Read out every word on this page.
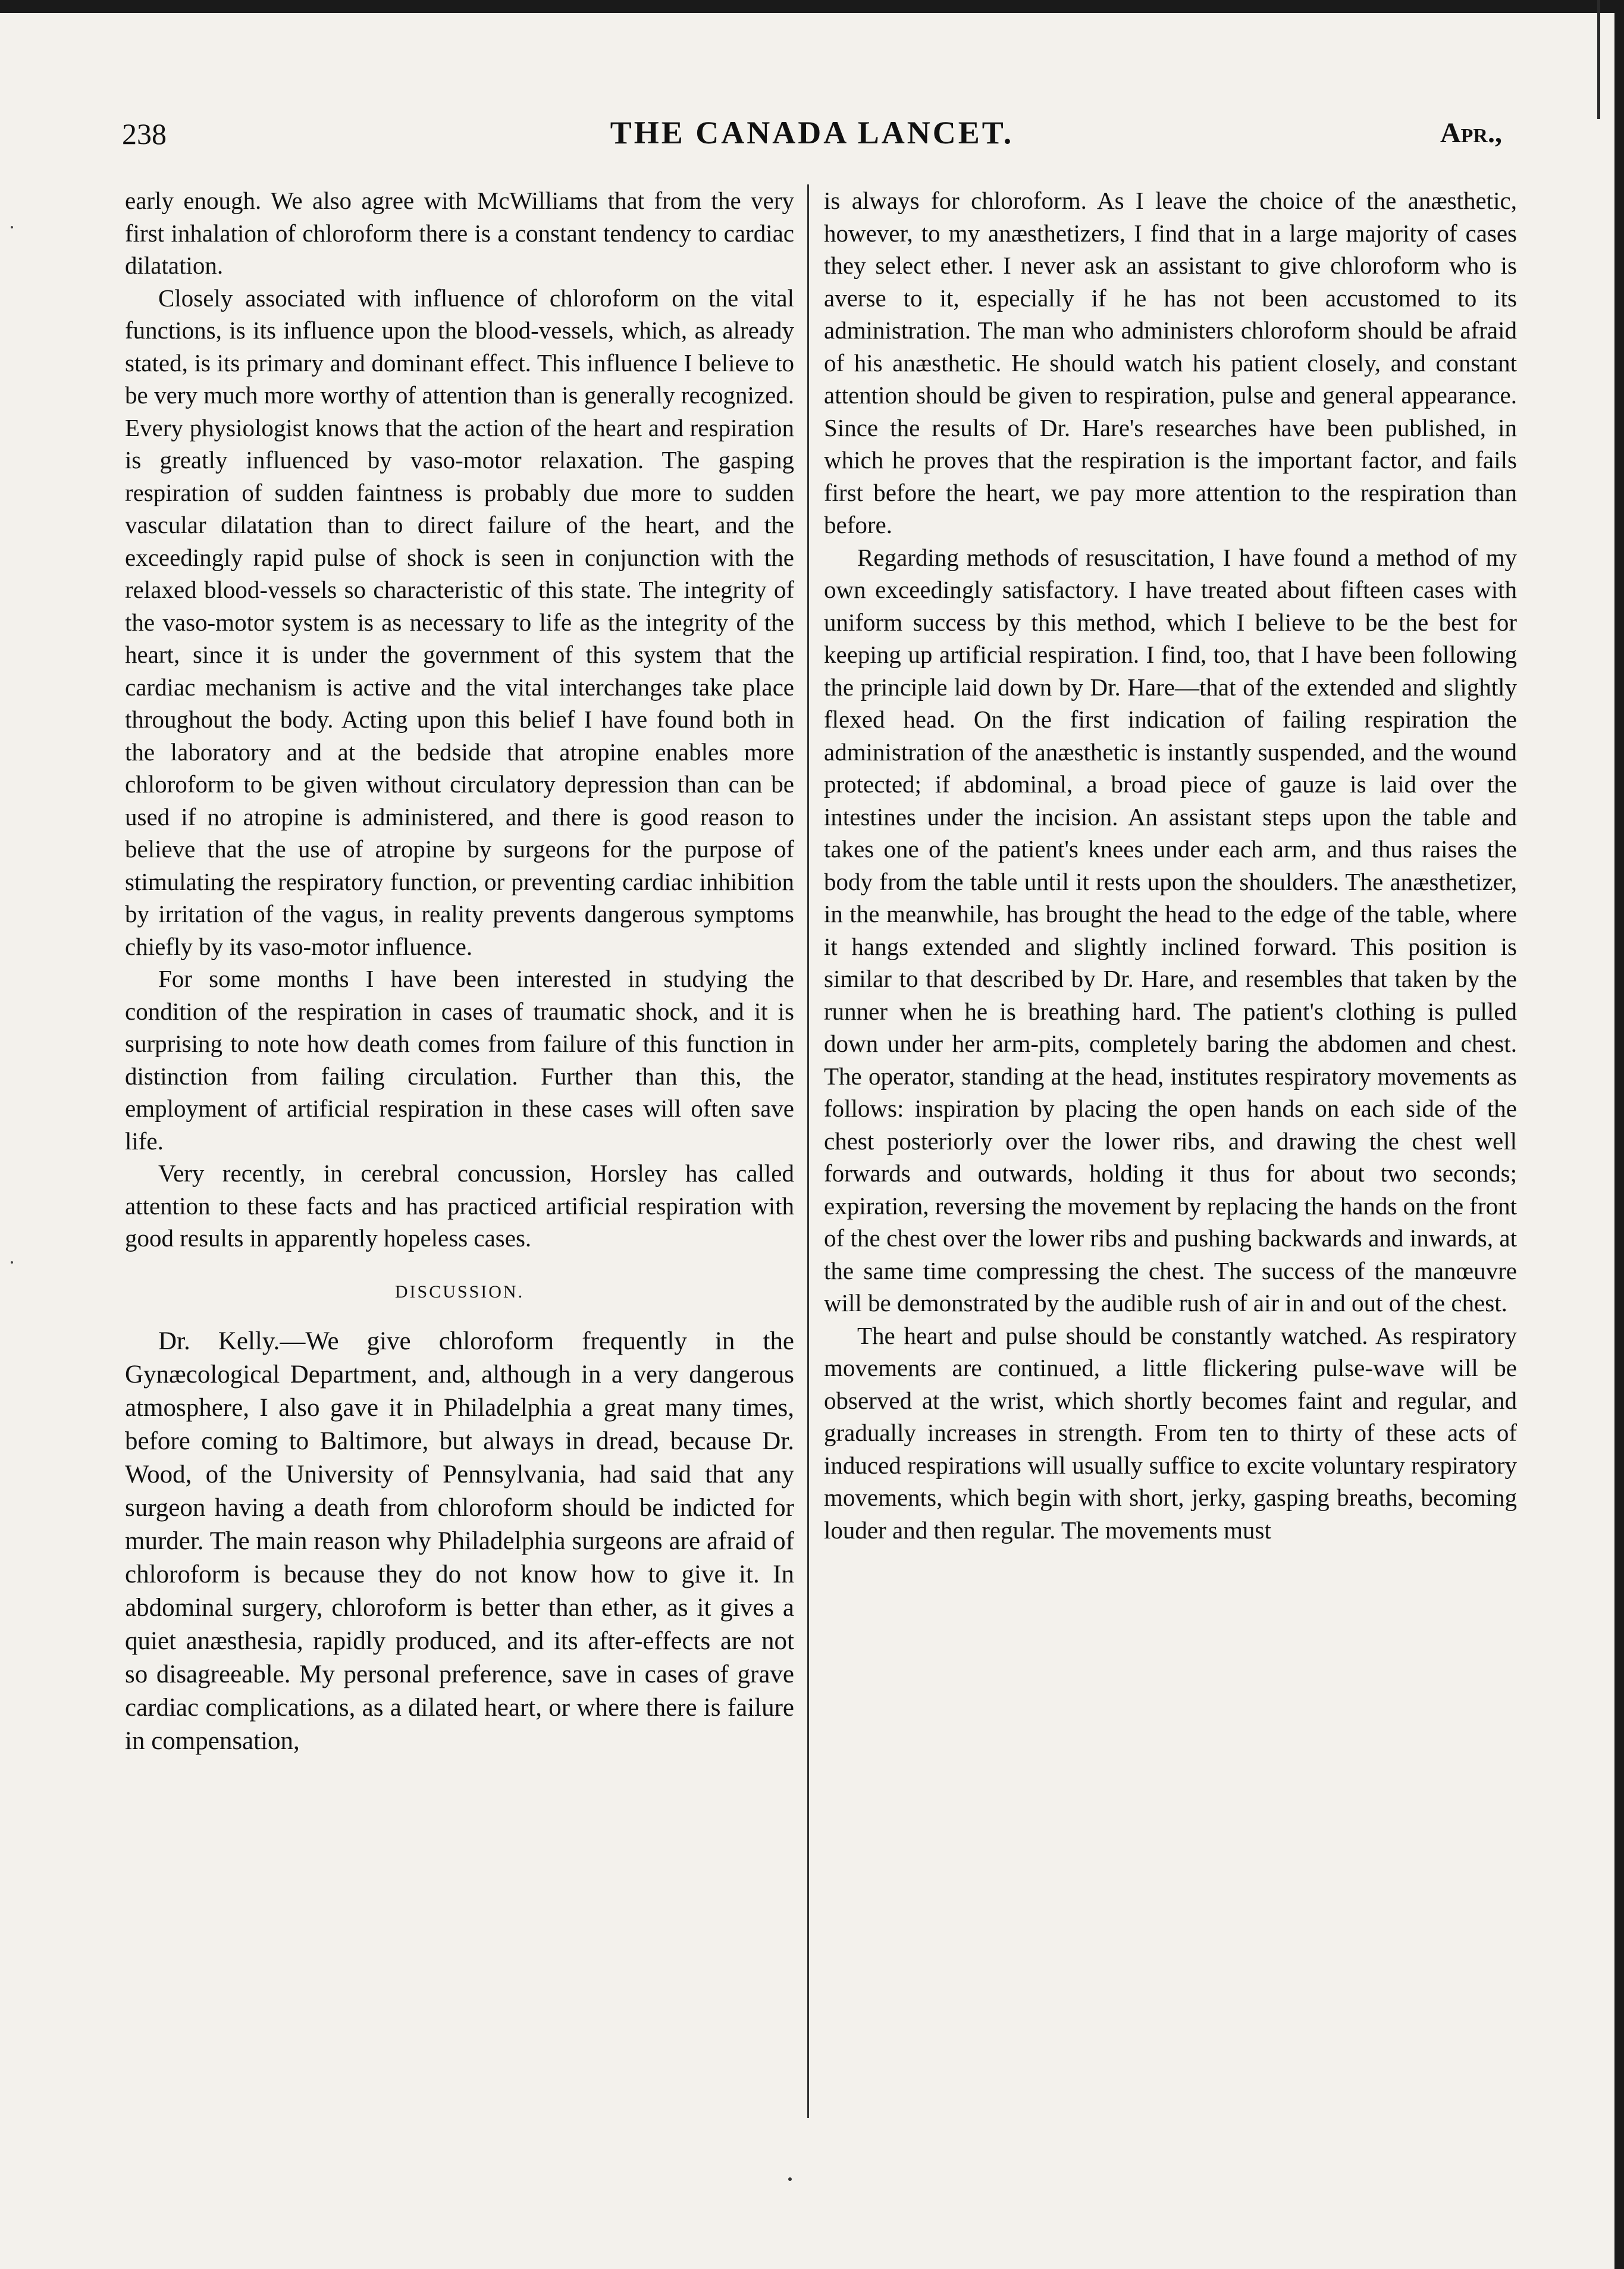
238	THE CANADA LANCET.	Apr.,

early enough. We also agree with McWilliams that from the very first inhalation of chloroform there is a constant tendency to cardiac dilatation.

Closely associated with influence of chloroform on the vital functions, is its influence upon the blood-vessels, which, as already stated, is its primary and dominant effect. This influence I believe to be very much more worthy of attention than is generally recognized. Every physiologist knows that the action of the heart and respiration is greatly influenced by vaso-motor relaxation. The gasping respiration of sudden faintness is probably due more to sudden vascular dilatation than to direct failure of the heart, and the exceedingly rapid pulse of shock is seen in conjunction with the relaxed blood-vessels so characteristic of this state. The integrity of the vaso-motor system is as necessary to life as the integrity of the heart, since it is under the government of this system that the cardiac mechanism is active and the vital interchanges take place throughout the body. Acting upon this belief I have found both in the laboratory and at the bedside that atropine enables more chloroform to be given without circulatory depression than can be used if no atropine is administered, and there is good reason to believe that the use of atropine by surgeons for the purpose of stimulating the respiratory function, or preventing cardiac inhibition by irritation of the vagus, in reality prevents dangerous symptoms chiefly by its vaso-motor influence.

For some months I have been interested in studying the condition of the respiration in cases of traumatic shock, and it is surprising to note how death comes from failure of this function in distinction from failing circulation. Further than this, the employment of artificial respiration in these cases will often save life.

Very recently, in cerebral concussion, Horsley has called attention to these facts and has practiced artificial respiration with good results in apparently hopeless cases.

DISCUSSION.

Dr. Kelly.—We give chloroform frequently in the Gynæcological Department, and, although in a very dangerous atmosphere, I also gave it in Philadelphia a great many times, before coming to Baltimore, but always in dread, because Dr. Wood, of the University of Pennsylvania, had said that any surgeon having a death from chloroform should be indicted for murder. The main reason why Philadelphia surgeons are afraid of chloroform is because they do not know how to give it. In abdominal surgery, chloroform is better than ether, as it gives a quiet anæsthesia, rapidly produced, and its after-effects are not so disagreeable. My personal preference, save in cases of grave cardiac complications, as a dilated heart, or where there is failure in compensation,

is always for chloroform. As I leave the choice of the anæsthetic, however, to my anæsthetizers, I find that in a large majority of cases they select ether. I never ask an assistant to give chloroform who is averse to it, especially if he has not been accustomed to its administration. The man who administers chloroform should be afraid of his anæsthetic. He should watch his patient closely, and constant attention should be given to respiration, pulse and general appearance. Since the results of Dr. Hare's researches have been published, in which he proves that the respiration is the important factor, and fails first before the heart, we pay more attention to the respiration than before.

Regarding methods of resuscitation, I have found a method of my own exceedingly satisfactory. I have treated about fifteen cases with uniform success by this method, which I believe to be the best for keeping up artificial respiration. I find, too, that I have been following the principle laid down by Dr. Hare—that of the extended and slightly flexed head. On the first indication of failing respiration the administration of the anæsthetic is instantly suspended, and the wound protected; if abdominal, a broad piece of gauze is laid over the intestines under the incision. An assistant steps upon the table and takes one of the patient's knees under each arm, and thus raises the body from the table until it rests upon the shoulders. The anæsthetizer, in the meanwhile, has brought the head to the edge of the table, where it hangs extended and slightly inclined forward. This position is similar to that described by Dr. Hare, and resembles that taken by the runner when he is breathing hard. The patient's clothing is pulled down under her arm-pits, completely baring the abdomen and chest. The operator, standing at the head, institutes respiratory movements as follows: inspiration by placing the open hands on each side of the chest posteriorly over the lower ribs, and drawing the chest well forwards and outwards, holding it thus for about two seconds; expiration, reversing the movement by replacing the hands on the front of the chest over the lower ribs and pushing backwards and inwards, at the same time compressing the chest. The success of the manœuvre will be demonstrated by the audible rush of air in and out of the chest.

The heart and pulse should be constantly watched. As respiratory movements are continued, a little flickering pulse-wave will be observed at the wrist, which shortly becomes faint and regular, and gradually increases in strength. From ten to thirty of these acts of induced respirations will usually suffice to excite voluntary respiratory movements, which begin with short, jerky, gasping breaths, becoming louder and then regular. The movements must
